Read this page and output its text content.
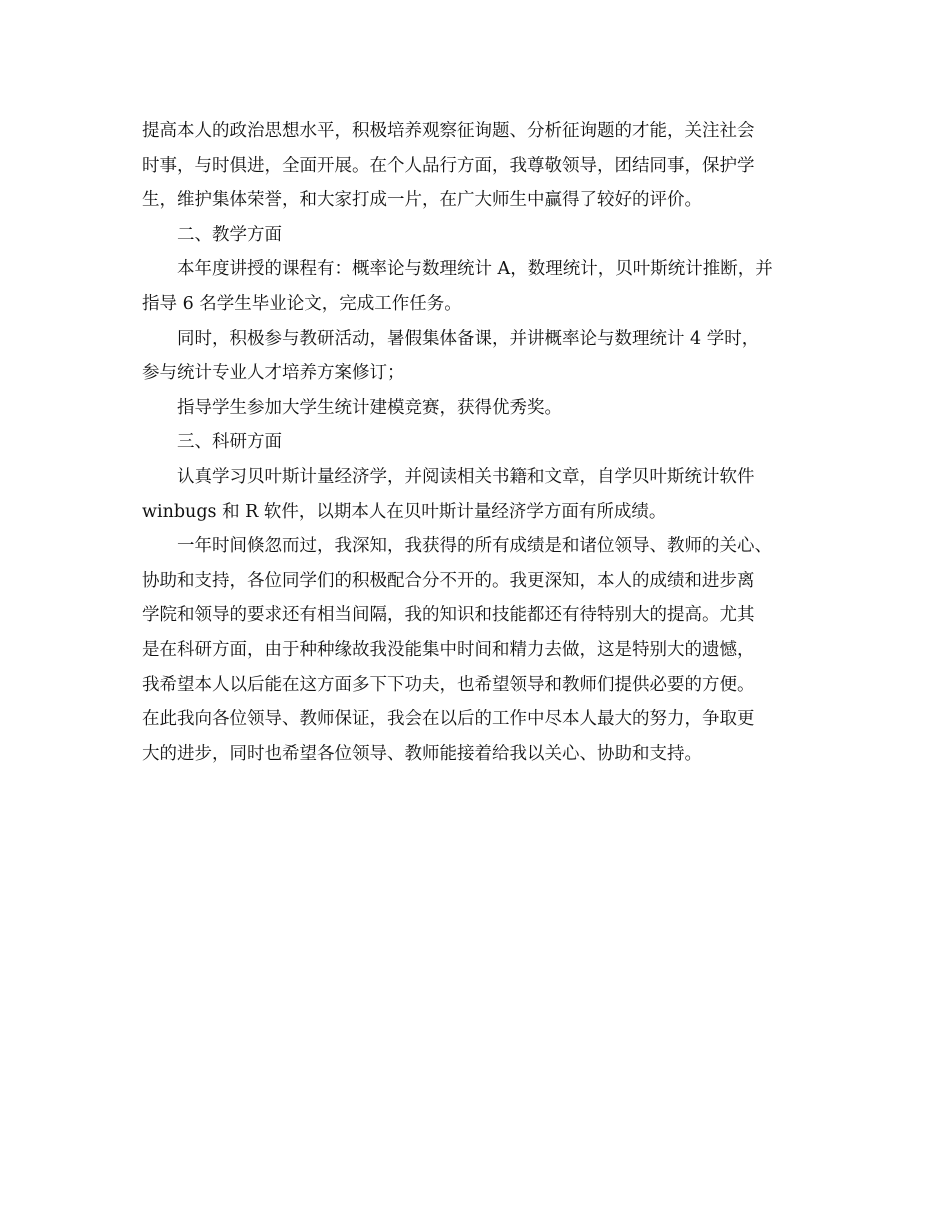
提高本人的政治思想水平，积极培养观察征询题、分析征询题的才能，关注社会
时事，与时俱进，全面开展。在个人品行方面，我尊敬领导，团结同事，保护学
生，维护集体荣誉，和大家打成一片，在广大师生中赢得了较好的评价。
二、教学方面
本年度讲授的课程有：概率论与数理统计 A，数理统计，贝叶斯统计推断，并
指导 6 名学生毕业论文，完成工作任务。
同时，积极参与教研活动，暑假集体备课，并讲概率论与数理统计 4 学时，
参与统计专业人才培养方案修订；
指导学生参加大学生统计建模竞赛，获得优秀奖。
三、科研方面
认真学习贝叶斯计量经济学，并阅读相关书籍和文章，自学贝叶斯统计软件
winbugs 和 R 软件，以期本人在贝叶斯计量经济学方面有所成绩。
一年时间倏忽而过，我深知，我获得的所有成绩是和诸位领导、教师的关心、
协助和支持，各位同学们的积极配合分不开的。我更深知，本人的成绩和进步离
学院和领导的要求还有相当间隔，我的知识和技能都还有待特别大的提高。尤其
是在科研方面，由于种种缘故我没能集中时间和精力去做，这是特别大的遗憾，
我希望本人以后能在这方面多下下功夫，也希望领导和教师们提供必要的方便。
在此我向各位领导、教师保证，我会在以后的工作中尽本人最大的努力，争取更
大的进步，同时也希望各位领导、教师能接着给我以关心、协助和支持。
